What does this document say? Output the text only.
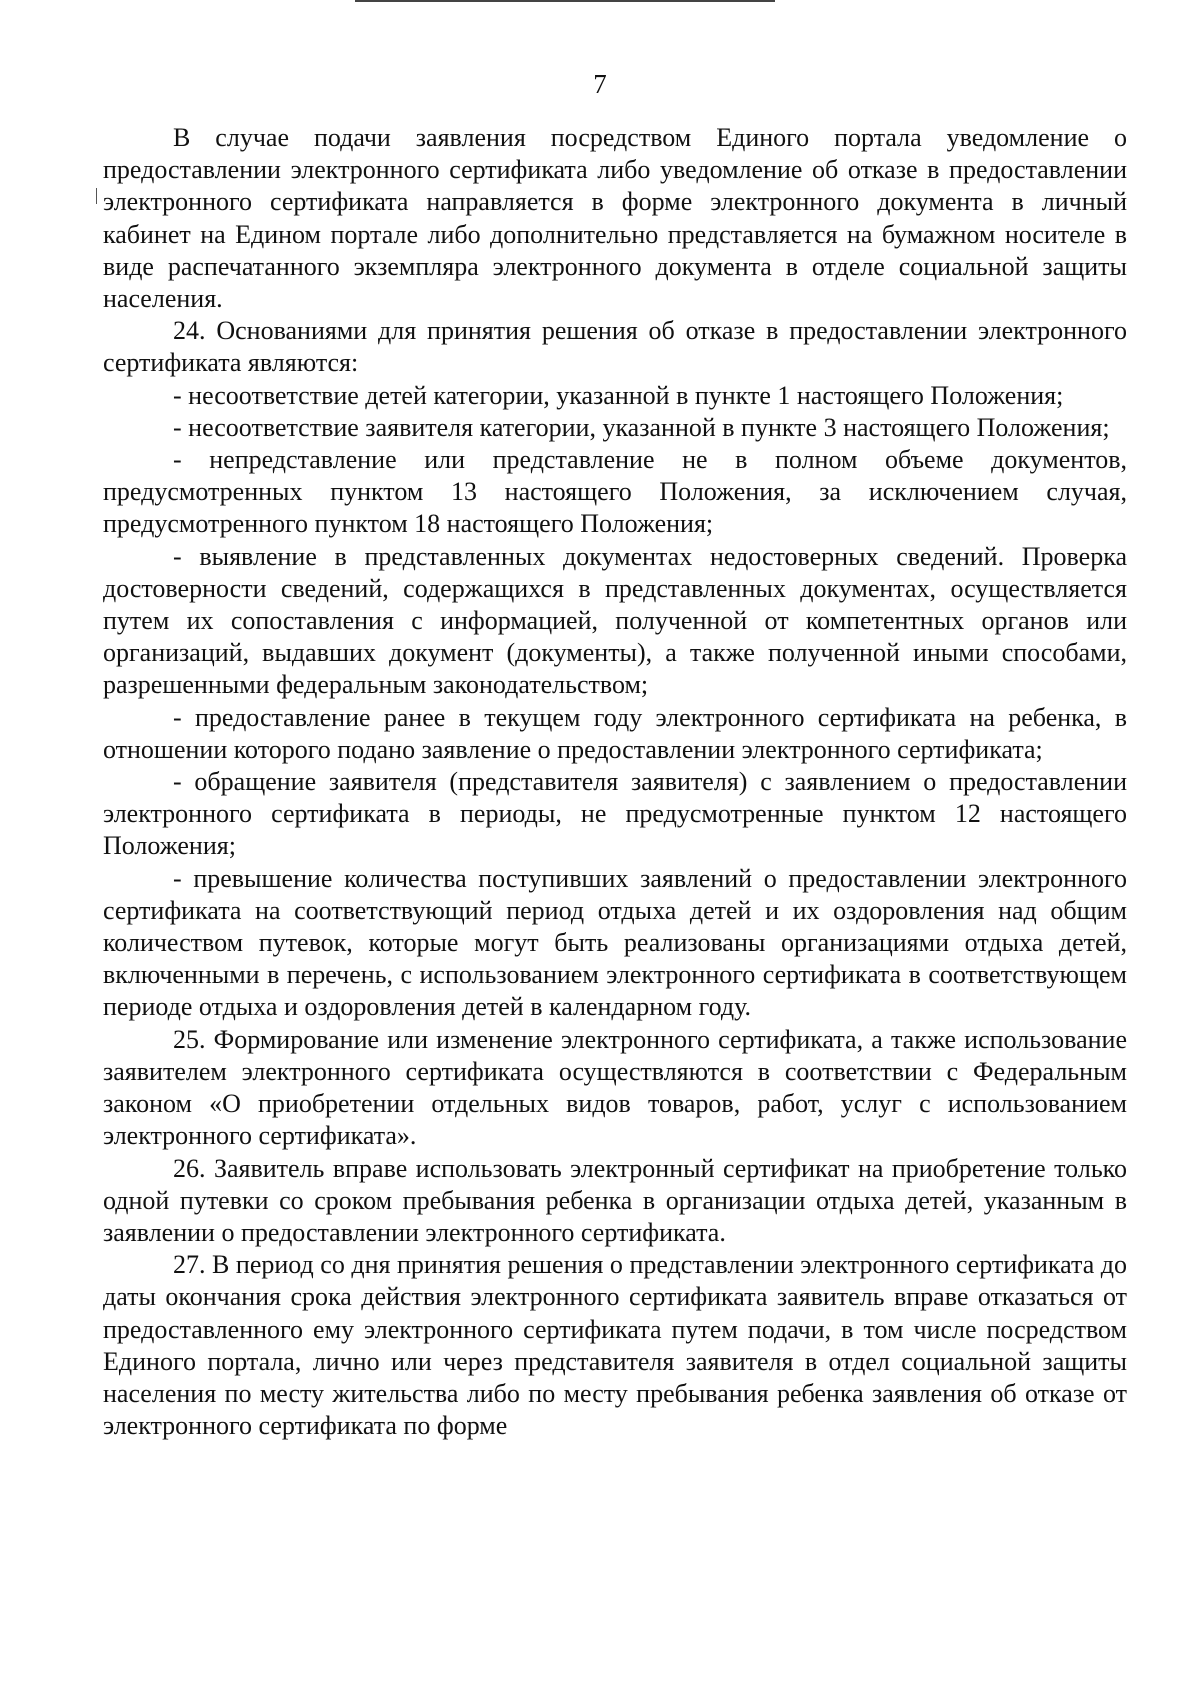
7

В случае подачи заявления посредством Единого портала уведомление о предоставлении электронного сертификата либо уведомление об отказе в предоставлении электронного сертификата направляется в форме электронного документа в личный кабинет на Едином портале либо дополнительно представляется на бумажном носителе в виде распечатанного экземпляра электронного документа в отделе социальной защиты населения.

24. Основаниями для принятия решения об отказе в предоставлении электронного сертификата являются:

- несоответствие детей категории, указанной в пункте 1 настоящего Положения;

- несоответствие заявителя категории, указанной в пункте 3 настоящего Положения;

- непредставление или представление не в полном объеме документов, предусмотренных пунктом 13 настоящего Положения, за исключением случая, предусмотренного пунктом 18 настоящего Положения;

- выявление в представленных документах недостоверных сведений. Проверка достоверности сведений, содержащихся в представленных документах, осуществляется путем их сопоставления с информацией, полученной от компетентных органов или организаций, выдавших документ (документы), а также полученной иными способами, разрешенными федеральным законодательством;

- предоставление ранее в текущем году электронного сертификата на ребенка, в отношении которого подано заявление о предоставлении электронного сертификата;

- обращение заявителя (представителя заявителя) с заявлением о предоставлении электронного сертификата в периоды, не предусмотренные пунктом 12 настоящего Положения;

- превышение количества поступивших заявлений о предоставлении электронного сертификата на соответствующий период отдыха детей и их оздоровления над общим количеством путевок, которые могут быть реализованы организациями отдыха детей, включенными в перечень, с использованием электронного сертификата в соответствующем периоде отдыха и оздоровления детей в календарном году.

25. Формирование или изменение электронного сертификата, а также использование заявителем электронного сертификата осуществляются в соответствии с Федеральным законом «О приобретении отдельных видов товаров, работ, услуг с использованием электронного сертификата».

26. Заявитель вправе использовать электронный сертификат на приобретение только одной путевки со сроком пребывания ребенка в организации отдыха детей, указанным в заявлении о предоставлении электронного сертификата.

27. В период со дня принятия решения о представлении электронного сертификата до даты окончания срока действия электронного сертификата заявитель вправе отказаться от предоставленного ему электронного сертификата путем подачи, в том числе посредством Единого портала, лично или через представителя заявителя в отдел социальной защиты населения по месту жительства либо по месту пребывания ребенка заявления об отказе от электронного сертификата по форме
